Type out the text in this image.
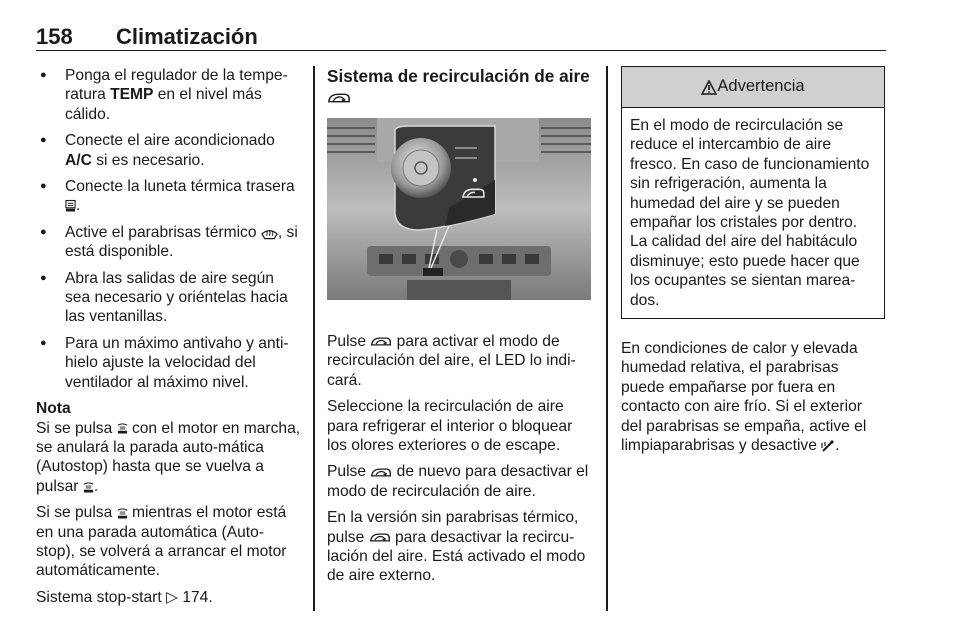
158 Climatización
● Ponga el regulador de la tempe-ratura TEMP en el nivel más cálido.
● Conecte el aire acondicionado A/C si es necesario.
● Conecte la luneta térmica trasera .
● Active el parabrisas térmico , si está disponible.
● Abra las salidas de aire según sea necesario y oriéntelas hacia las ventanillas.
● Para un máximo antivaho y anti-hielo ajuste la velocidad del ventilador al máximo nivel.
Nota

Si se pulsa  con el motor en marcha, se anulará la parada auto-mática (Autostop) hasta que se vuelva a pulsar .

Si se pulsa  mientras el motor está en una parada automática (Auto-stop), se volverá a arrancar el motor automáticamente.

Sistema stop-start ▷ 174.

Sistema de recirculación de aire

Pulse  para activar el modo de recirculación del aire, el LED lo indi-cará.

Seleccione la recirculación de aire para refrigerar el interior o bloquear los olores exteriores o de escape.

Pulse  de nuevo para desactivar el modo de recirculación de aire.

En la versión sin parabrisas térmico, pulse  para desactivar la recircu-lación del aire. Está activado el modo de aire externo.

Advertencia
En el modo de recirculación se reduce el intercambio de aire fresco. En caso de funcionamiento sin refrigeración, aumenta la humedad del aire y se pueden empañar los cristales por dentro. La calidad del aire del habitáculo disminuye; esto puede hacer que los ocupantes se sientan marea-dos.

En condiciones de calor y elevada humedad relativa, el parabrisas puede empañarse por fuera en contacto con aire frío. Si el exterior del parabrisas se empaña, active el limpiaparabrisas y desactive .
